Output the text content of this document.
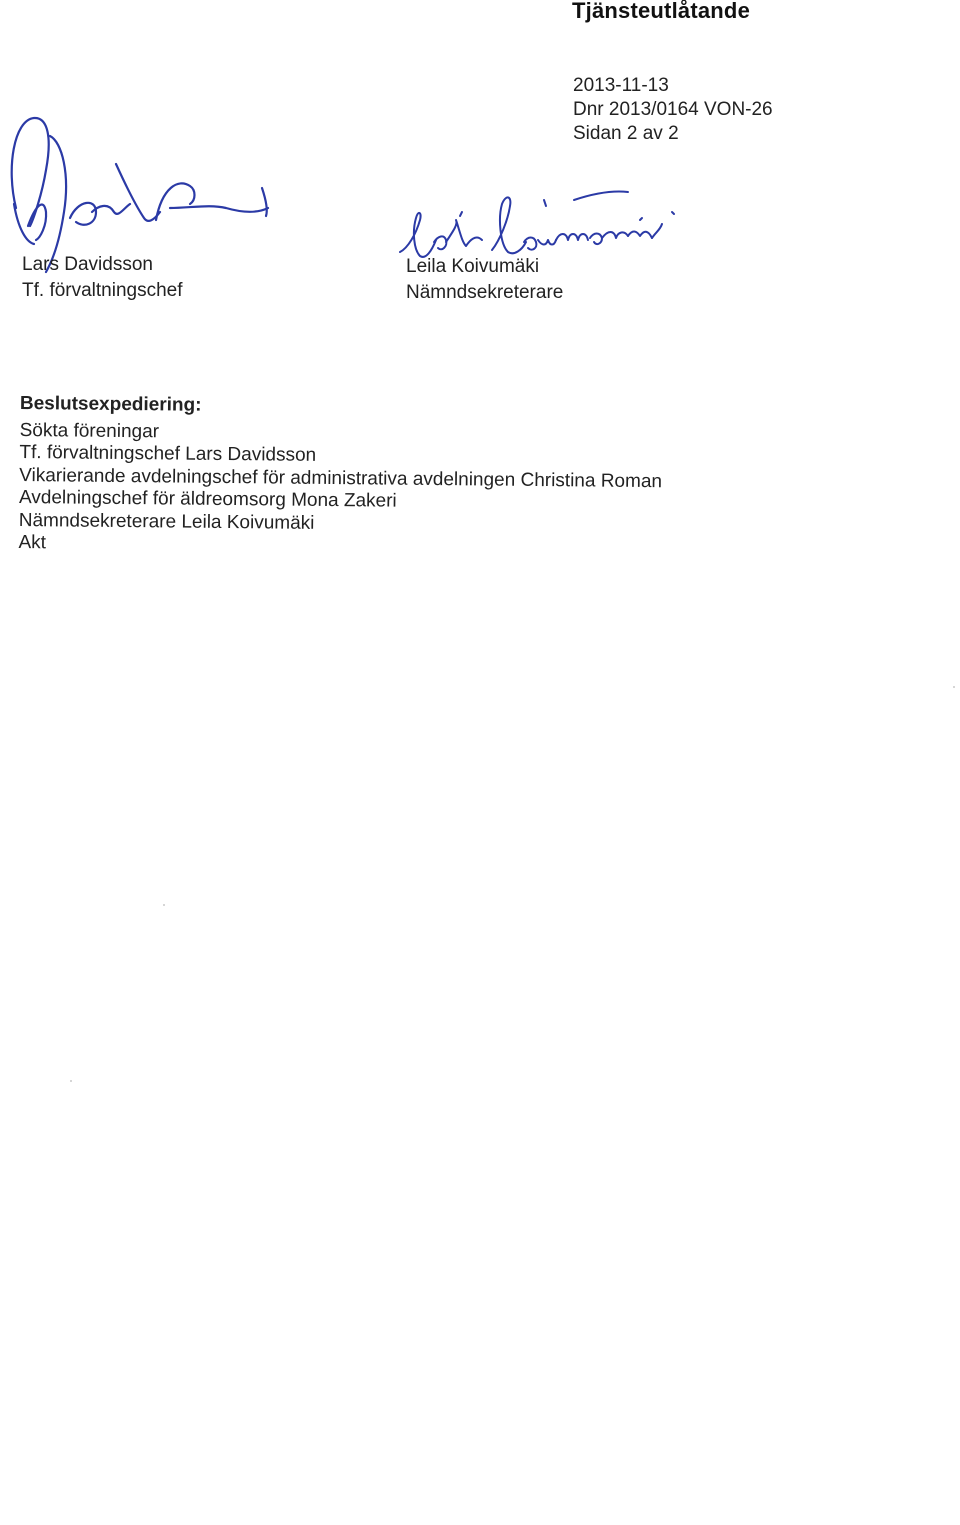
Tjänsteutlåtande
2013-11-13
Dnr 2013/0164 VON-26
Sidan 2 av 2
Lars Davidsson
Tf. förvaltningschef
Leila Koivumäki
Nämndsekreterare
Beslutsexpediering:
Sökta föreningar
Tf. förvaltningschef Lars Davidsson
Vikarierande avdelningschef för administrativa avdelningen Christina Roman
Avdelningschef för äldreomsorg Mona Zakeri
Nämndsekreterare Leila Koivumäki
Akt
